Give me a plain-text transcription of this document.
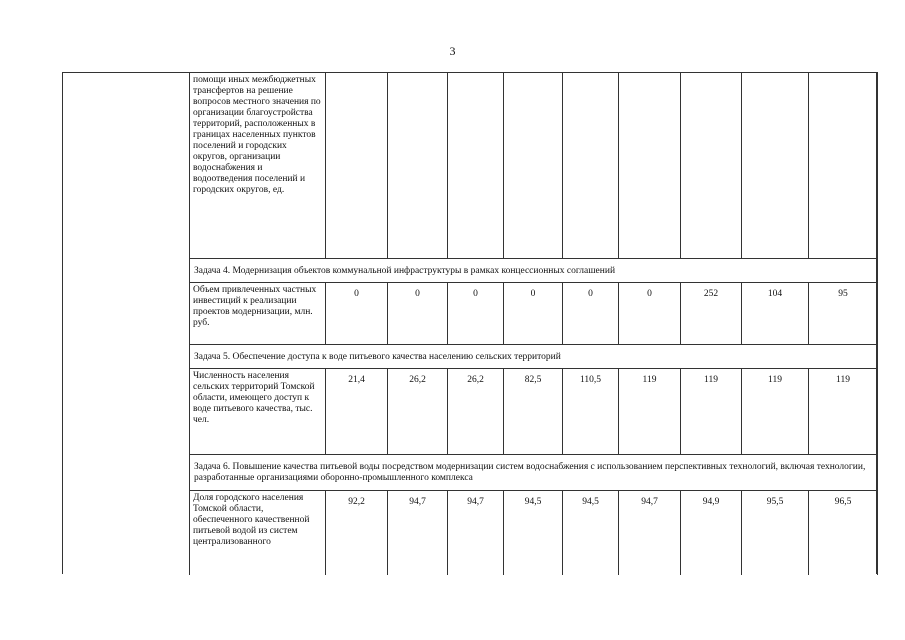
3
помощи иных межбюджетных трансфертов на решение вопросов местного значения по организации благоустройства территорий, расположенных в границах населенных пунктов поселений и городских округов, организации водоснабжения и водоотведения поселений и городских округов, ед.									
Задача 4. Модернизация объектов коммунальной инфраструктуры в рамках концессионных соглашений									
Объем привлеченных частных инвестиций к реализации проектов модернизации, млн. руб.	0	0	0	0	0	0	252	104	95
Задача 5. Обеспечение доступа к воде питьевого качества населению сельских территорий									
Численность населения сельских территорий Томской области, имеющего доступ к воде питьевого качества, тыс. чел.	21,4	26,2	26,2	82,5	110,5	119	119	119	119
Задача 6. Повышение качества питьевой воды посредством модернизации систем водоснабжения с использованием перспективных технологий, включая технологии, разработанные организациями оборонно-промышленного комплекса									
Доля городского населения Томской области, обеспеченного качественной питьевой водой из систем централизованного	92,2	94,7	94,7	94,5	94,5	94,7	94,9	95,5	96,5
